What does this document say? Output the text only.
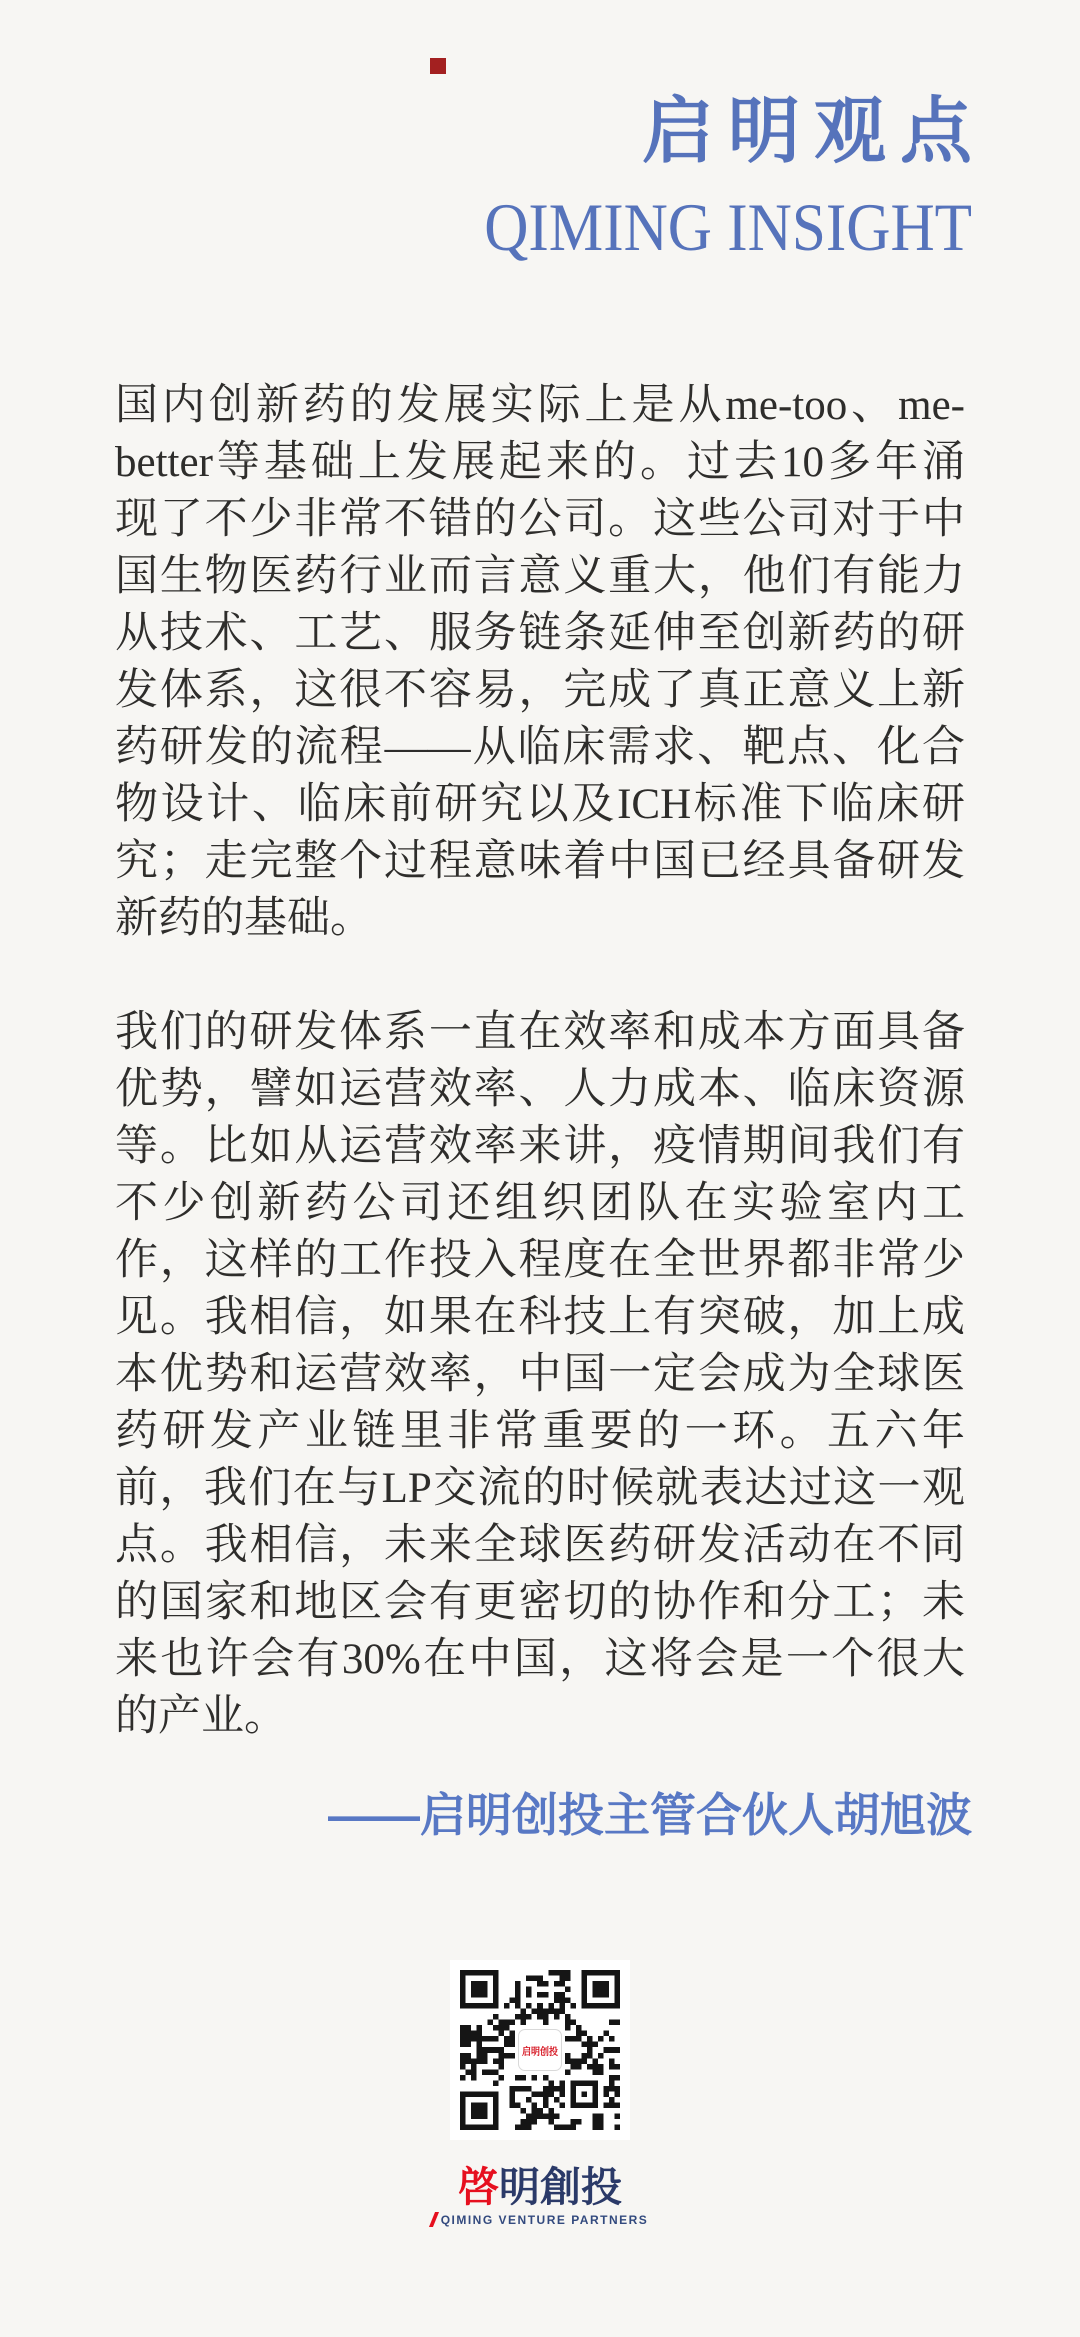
启明观点
QIMING INSIGHT
国内创新药的发展实际上是从me-too、me-
better等基础上发展起来的。过去10多年涌
现了不少非常不错的公司。这些公司对于中
国生物医药行业而言意义重大，他们有能力
从技术、工艺、服务链条延伸至创新药的研
发体系，这很不容易，完成了真正意义上新
药研发的流程——从临床需求、靶点、化合
物设计、临床前研究以及ICH标准下临床研
究；走完整个过程意味着中国已经具备研发
新药的基础。
我们的研发体系一直在效率和成本方面具备
优势，譬如运营效率、人力成本、临床资源
等。比如从运营效率来讲，疫情期间我们有
不少创新药公司还组织团队在实验室内工
作，这样的工作投入程度在全世界都非常少
见。我相信，如果在科技上有突破，加上成
本优势和运营效率，中国一定会成为全球医
药研发产业链里非常重要的一环。五六年
前，我们在与LP交流的时候就表达过这一观
点。我相信，未来全球医药研发活动在不同
的国家和地区会有更密切的协作和分工；未
来也许会有30%在中国，这将会是一个很大
的产业。
——启明创投主管合伙人胡旭波
启明创投
啓明創投
QIMING VENTURE PARTNERS
